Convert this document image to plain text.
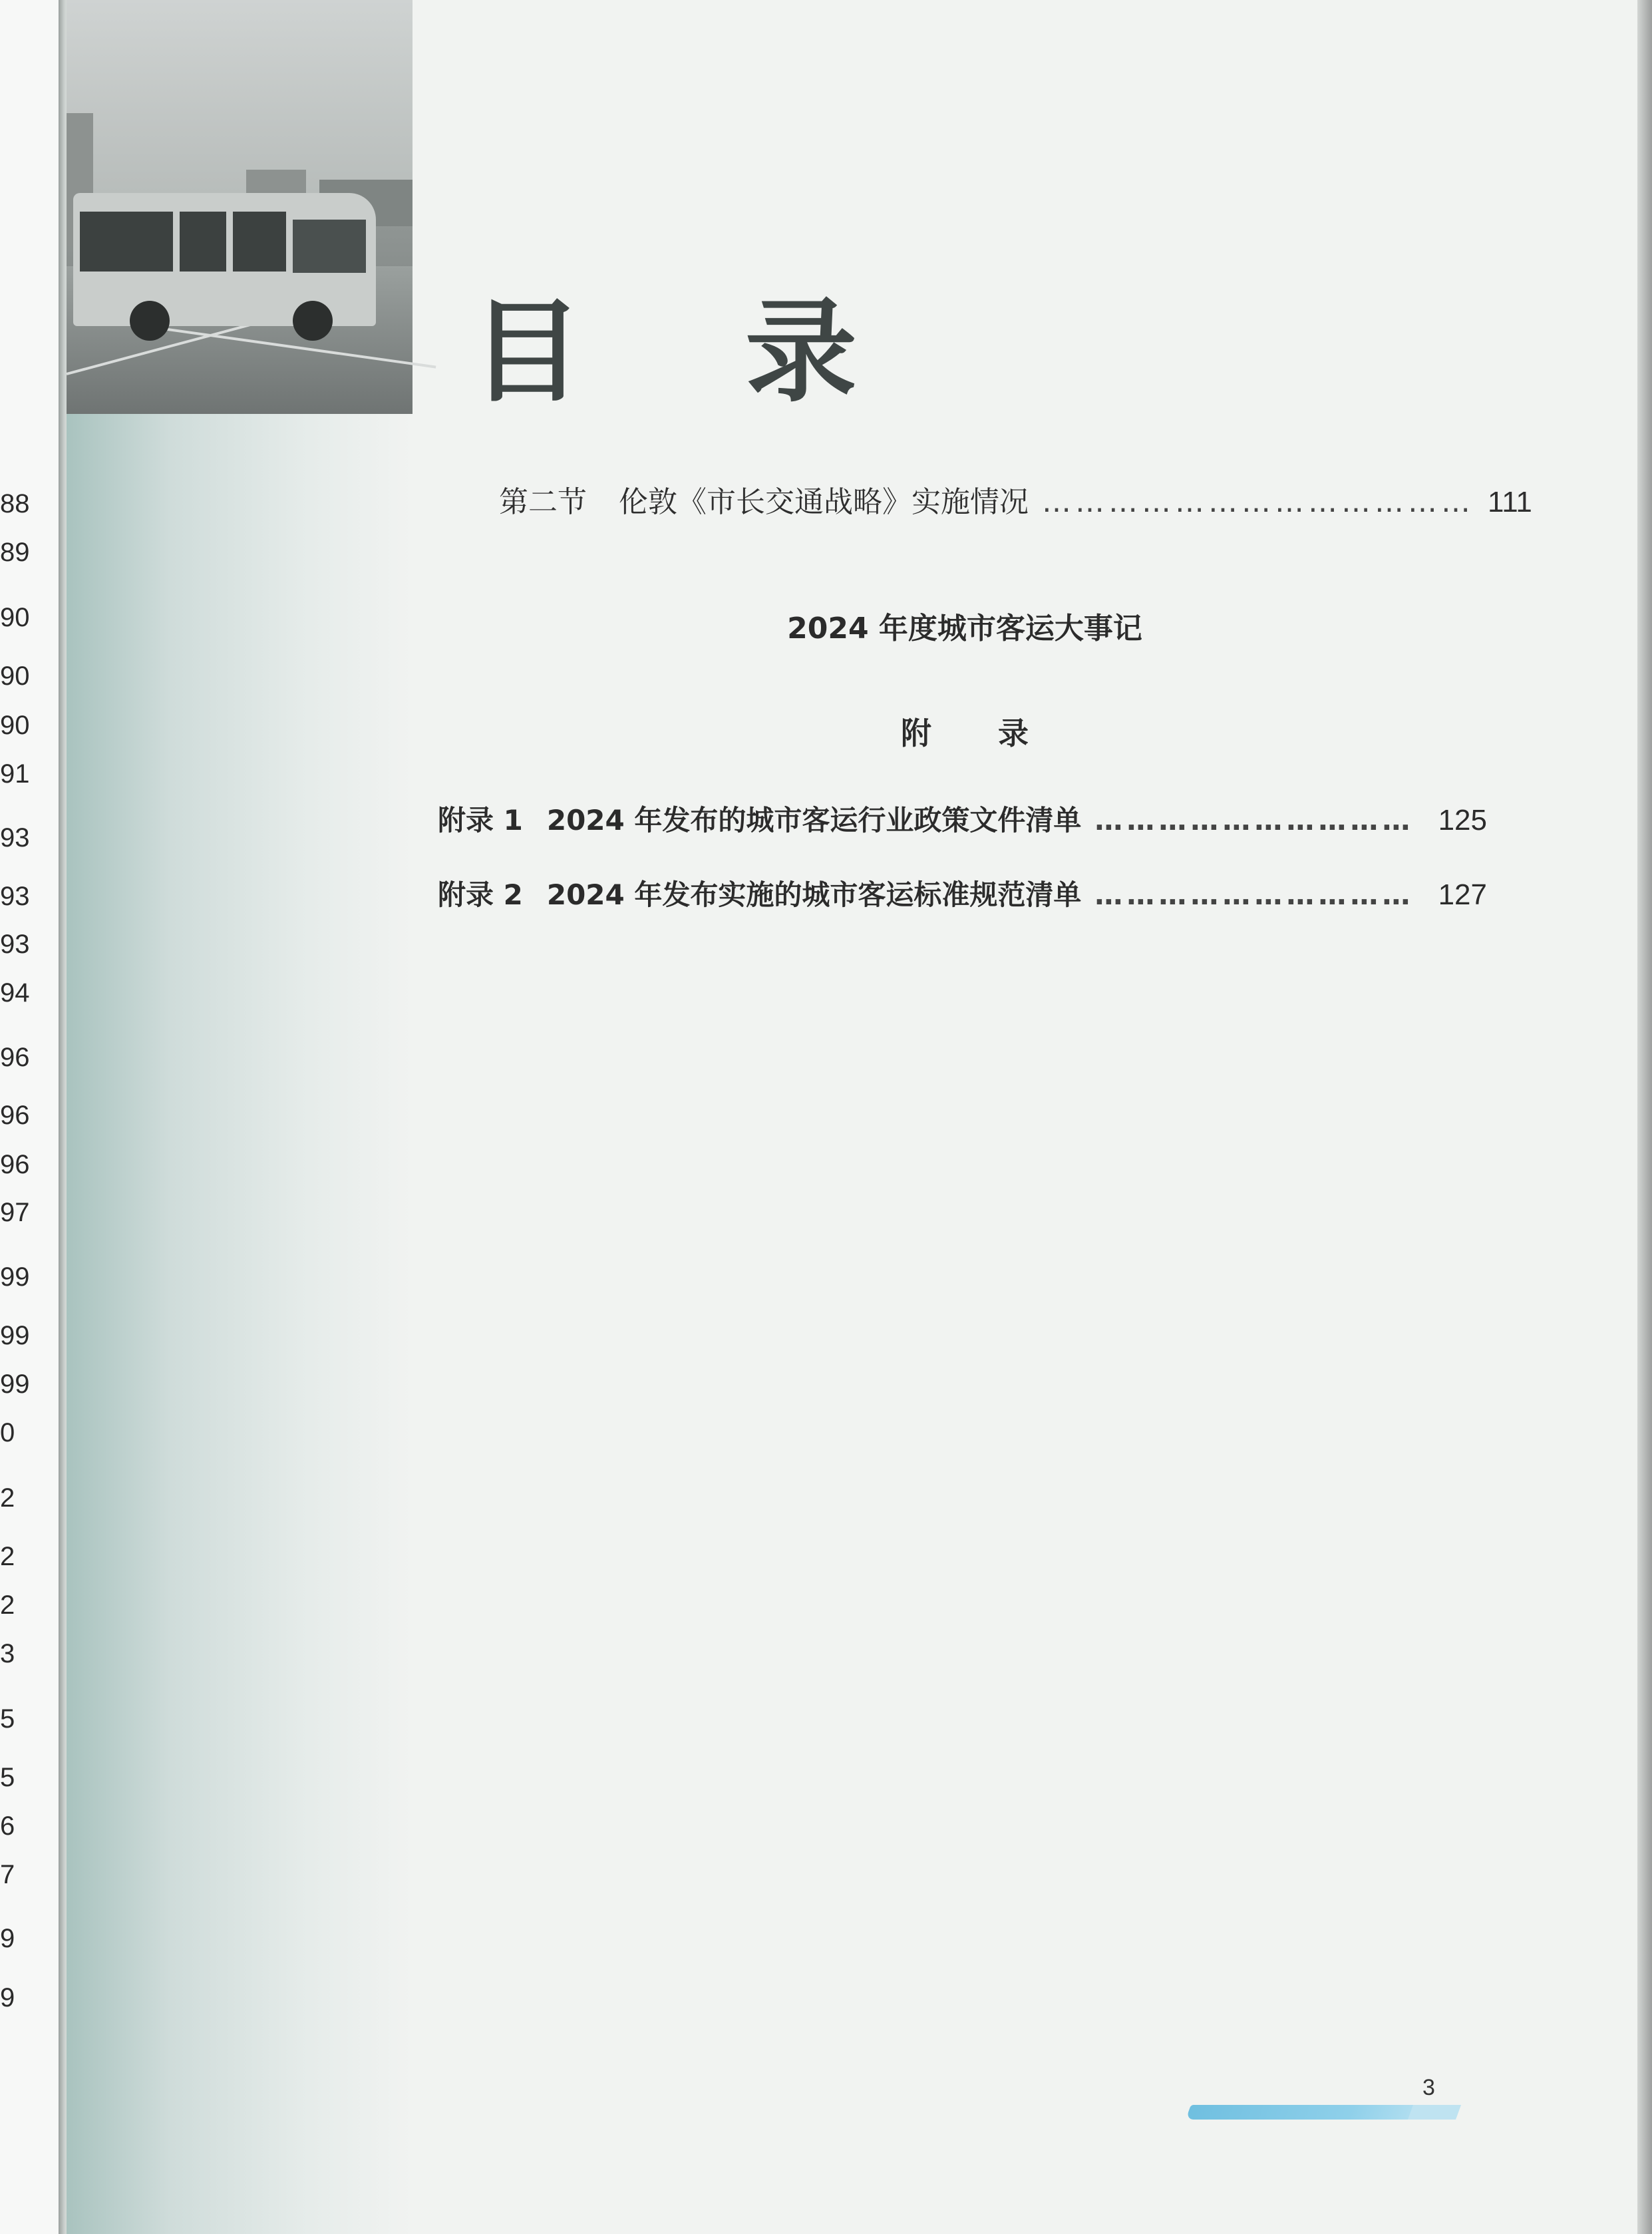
88
89
90
90
90
91
93
93
93
94
96
96
96
97
99
99
99
0
2
2
2
3
5
5
6
7
9
9
目 录
第二节 伦敦《市长交通战略》实施情况 ………………………………… 111
2024 年度城市客运大事记
附录
附录 1 2024 年发布的城市客运行业政策文件清单 ………………………… 125
附录 2 2024 年发布实施的城市客运标准规范清单 ………………………… 127
3
